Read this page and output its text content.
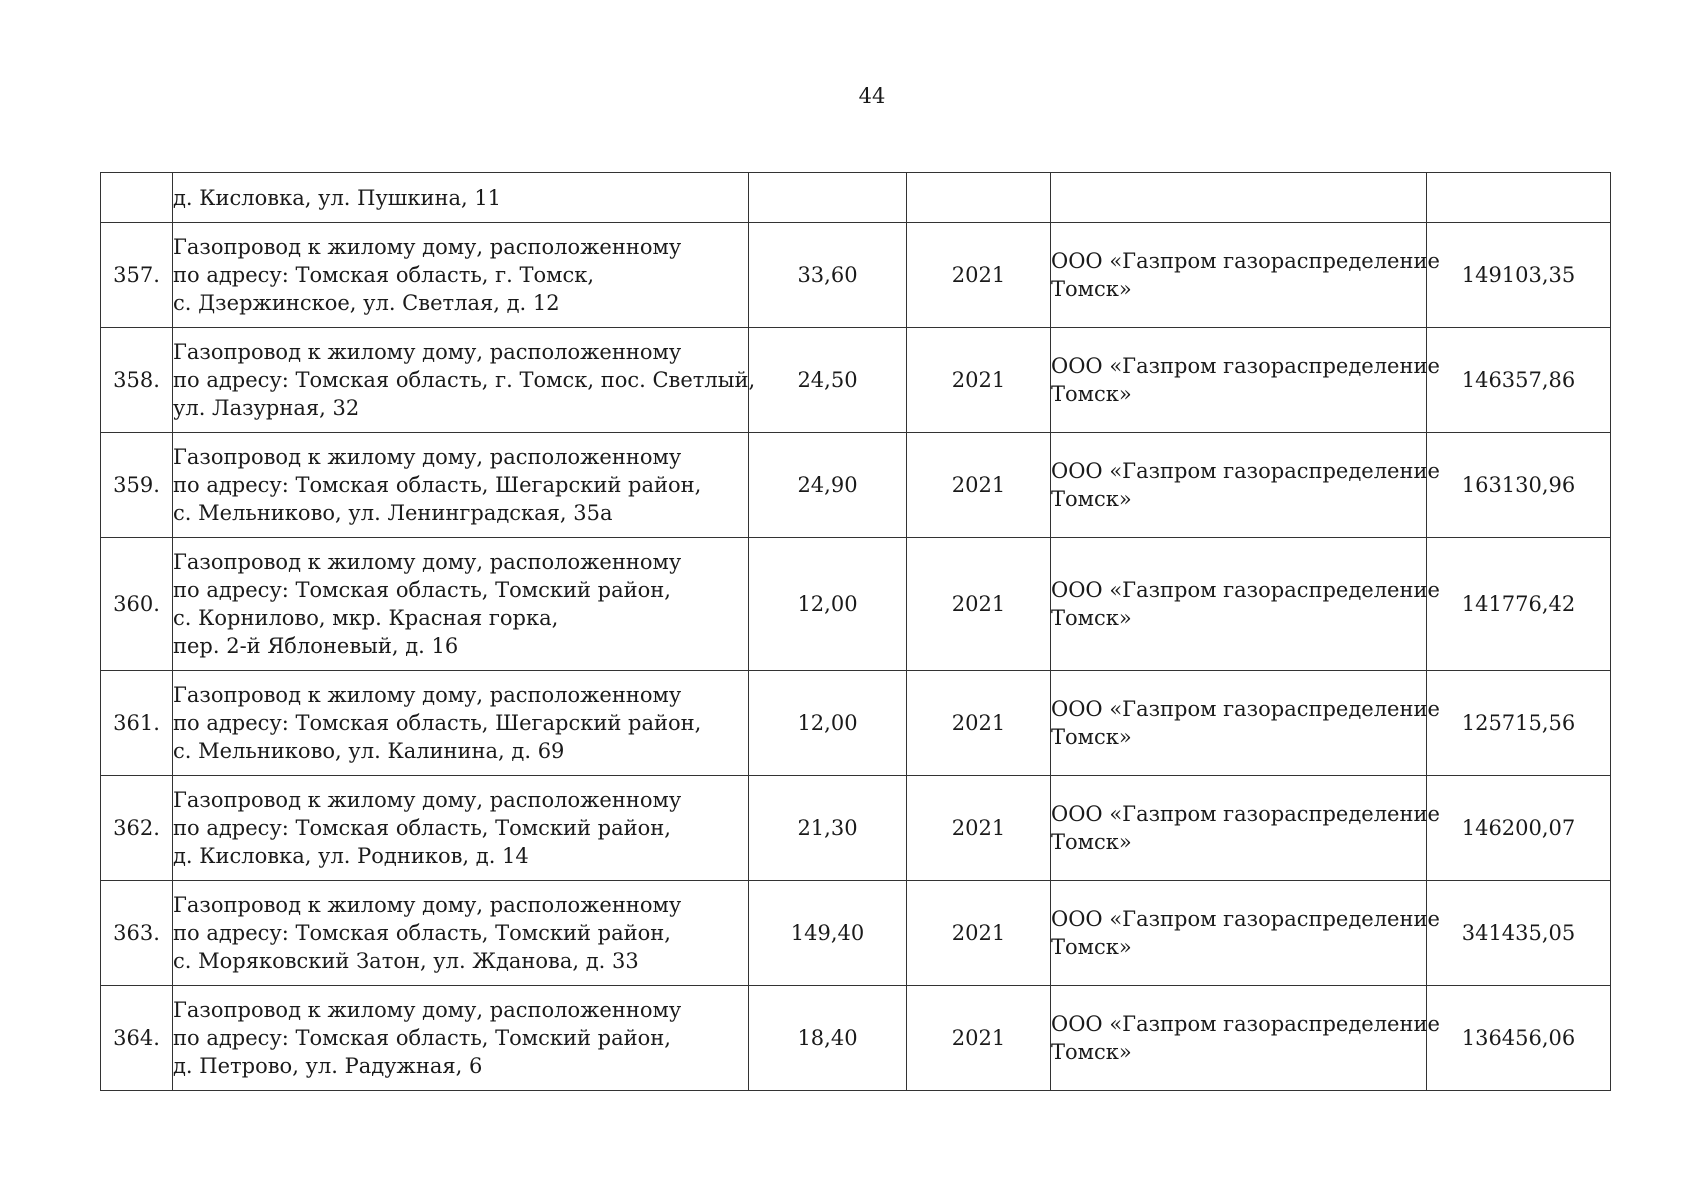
44

	д. Кисловка, ул. Пушкина, 11				

357.	Газопровод к жилому дому, расположенному
по адресу: Томская область, г. Томск,
с. Дзержинское, ул. Светлая, д. 12	33,60	2021	ООО «Газпром газораспределение
Томск»	149103,35
358.	Газопровод к жилому дому, расположенному
по адресу: Томская область, г. Томск, пос. Светлый,
ул. Лазурная, 32	24,50	2021	ООО «Газпром газораспределение
Томск»	146357,86
359.	Газопровод к жилому дому, расположенному
по адресу: Томская область, Шегарский район,
с. Мельниково, ул. Ленинградская, 35а	24,90	2021	ООО «Газпром газораспределение
Томск»	163130,96
360.	Газопровод к жилому дому, расположенному
по адресу: Томская область, Томский район,
с. Корнилово, мкр. Красная горка,
пер. 2-й Яблоневый, д. 16	12,00	2021	ООО «Газпром газораспределение
Томск»	141776,42
361.	Газопровод к жилому дому, расположенному
по адресу: Томская область, Шегарский район,
с. Мельниково, ул. Калинина, д. 69	12,00	2021	ООО «Газпром газораспределение
Томск»	125715,56
362.	Газопровод к жилому дому, расположенному
по адресу: Томская область, Томский район,
д. Кисловка, ул. Родников, д. 14	21,30	2021	ООО «Газпром газораспределение
Томск»	146200,07
363.	Газопровод к жилому дому, расположенному
по адресу: Томская область, Томский район,
с. Моряковский Затон, ул. Жданова, д. 33	149,40	2021	ООО «Газпром газораспределение
Томск»	341435,05
364.	Газопровод к жилому дому, расположенному
по адресу: Томская область, Томский район,
д. Петрово, ул. Радужная, 6	18,40	2021	ООО «Газпром газораспределение
Томск»	136456,06
